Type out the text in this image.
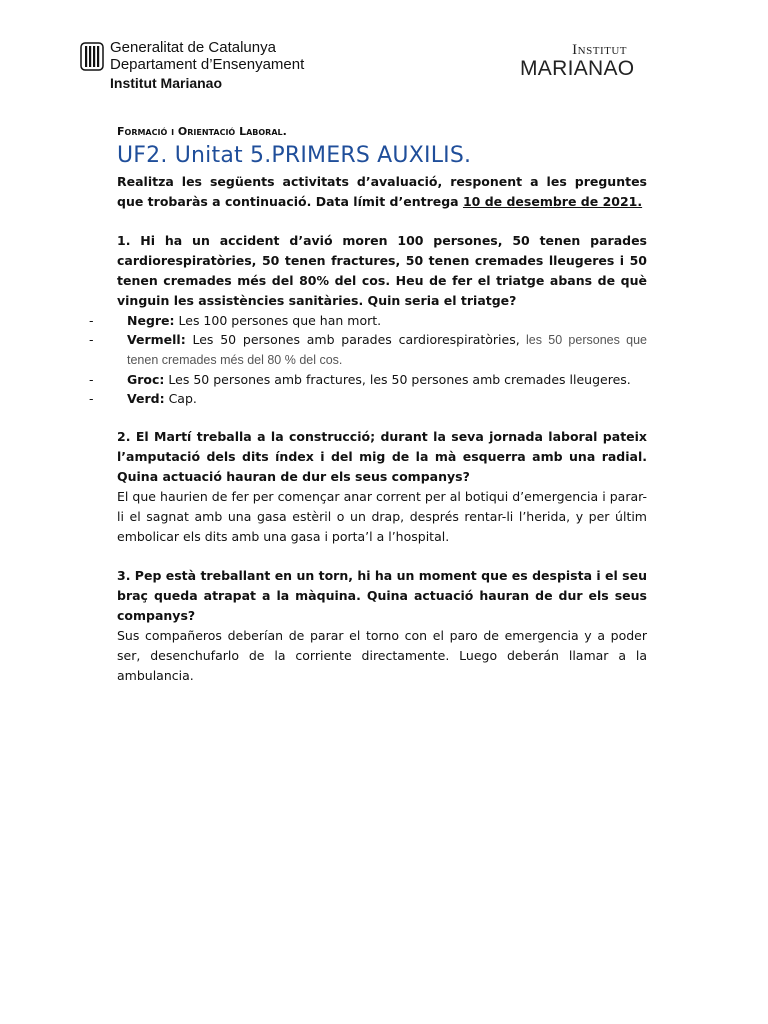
Generalitat de Catalunya
Departament d’Ensenyament
Institut Marianao
Institut
MARIANAO
Formació i Orientació Laboral.
UF2. Unitat 5.PRIMERS AUXILIS.

Realitza les següents activitats d’avaluació, responent a les preguntes que trobaràs a continuació. Data límit d’entrega 10 de desembre de 2021.

1. Hi ha un accident d’avió moren 100 persones, 50 tenen parades cardiorespiratòries, 50 tenen fractures, 50 tenen cremades lleugeres i 50 tenen cremades més del 80% del cos. Heu de fer el triatge abans de què vinguin les assistències sanitàries. Quin seria el triatge?

-	Negre: Les 100 persones que han mort.
-	Vermell: Les 50 persones amb parades cardiorespiratòries, les 50 persones que tenen cremades més del 80 % del cos.
-	Groc: Les 50 persones amb fractures, les 50 persones amb cremades lleugeres.
-	Verd: Cap.

2. El Martí treballa a la construcció; durant la seva jornada laboral pateix l’amputació dels dits índex i del mig de la mà esquerra amb una radial. Quina actuació hauran de dur els seus companys?

El que haurien de fer per començar anar corrent per al botiqui d’emergencia i parar-li el sagnat amb una gasa estèril o un drap, després rentar-li l’herida, y per últim embolicar els dits amb una gasa i porta’l a l’hospital.

3. Pep està treballant en un torn, hi ha un moment que es despista i el seu braç queda atrapat a la màquina. Quina actuació hauran de dur els seus companys?

Sus compañeros deberían de parar el torno con el paro de emergencia y a poder ser, desenchufarlo de la corriente directamente. Luego deberán llamar a la ambulancia.
